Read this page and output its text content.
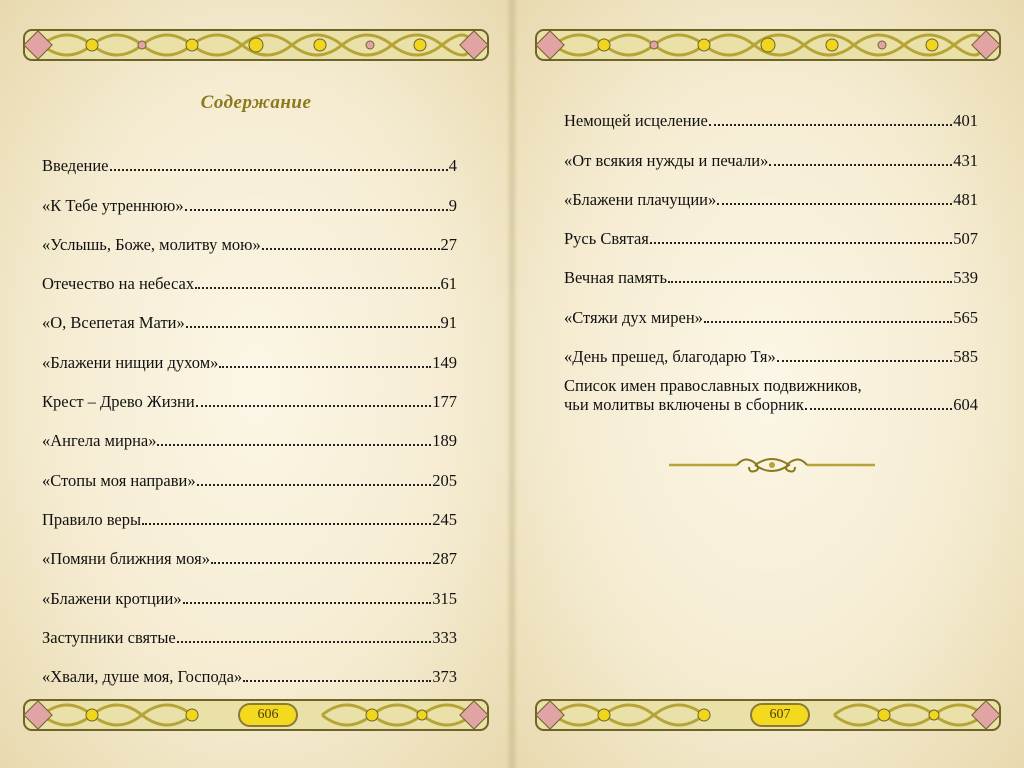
Содержание
Введение	4
«К Тебе утреннюю»	9
«Услышь, Боже, молитву мою»	27
Отечество на небесах	61
«О, Всепетая Мати»	91
«Блажени нищии духом»	149
Крест – Древо Жизни	177
«Ангела мирна»	189
«Стопы моя направи»	205
Правило веры	245
«Помяни ближния моя»	287
«Блажени кротции»	315
Заступники святые	333
«Хвали, душе моя, Господа»	373
606
Немощей исцеление	401
«От всякия нужды и печали»	431
«Блажени плачущии»	481
Русь Святая	507
Вечная память	539
«Стяжи дух мирен»	565
«День прешед, благодарю Тя»	585
Список имен православных подвижников,
чьи молитвы включены в сборник	604
607
